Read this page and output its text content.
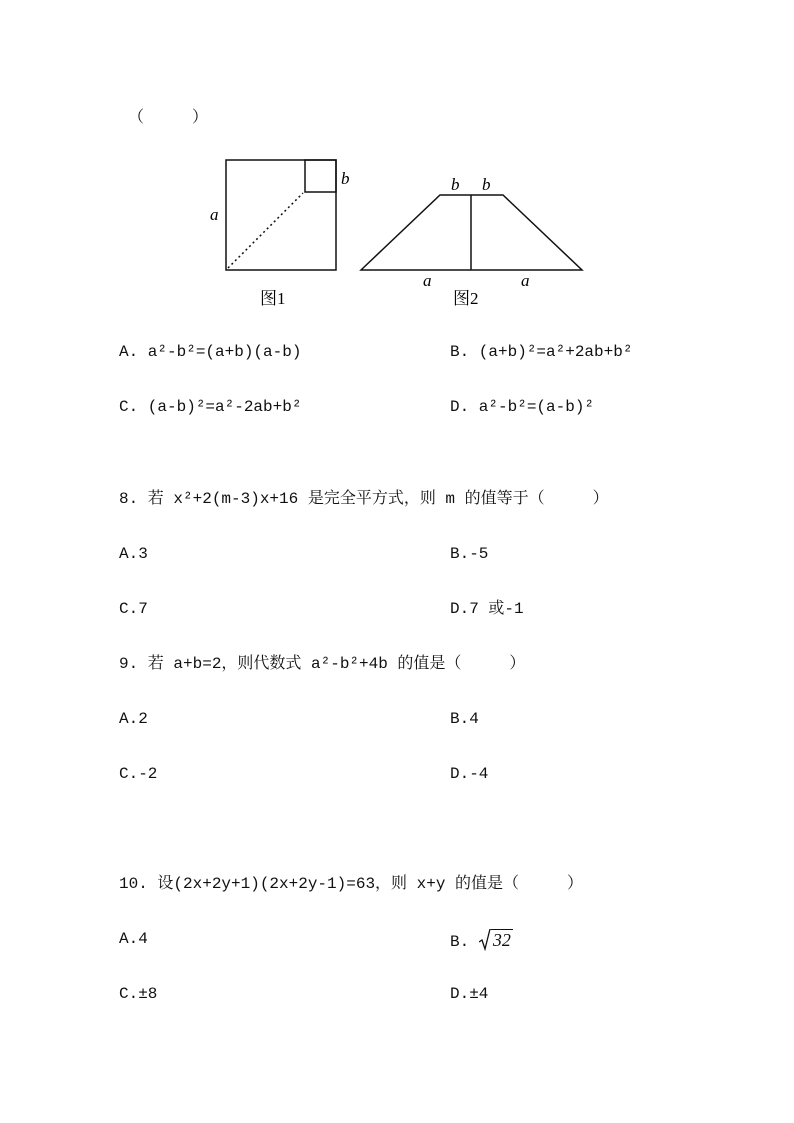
（　　　）
a
b
图1
b b
a	a
图2
A. a²-b²=(a+b)(a-b)	B. (a+b)²=a²+2ab+b²
C. (a-b)²=a²-2ab+b²	D. a²-b²=(a-b)²
8. 若 x²+2(m-3)x+16 是完全平方式，则 m 的值等于（　　　）
A.3	B.-5
C.7	D.7 或-1
9. 若 a+b=2，则代数式 a²-b²+4b 的值是（　　　）
A.2	B.4
C.-2	D.-4
10. 设(2x+2y+1)(2x+2y-1)=63，则 x+y 的值是（　　　）
A.4	B. 32
C.±8	D.±4
